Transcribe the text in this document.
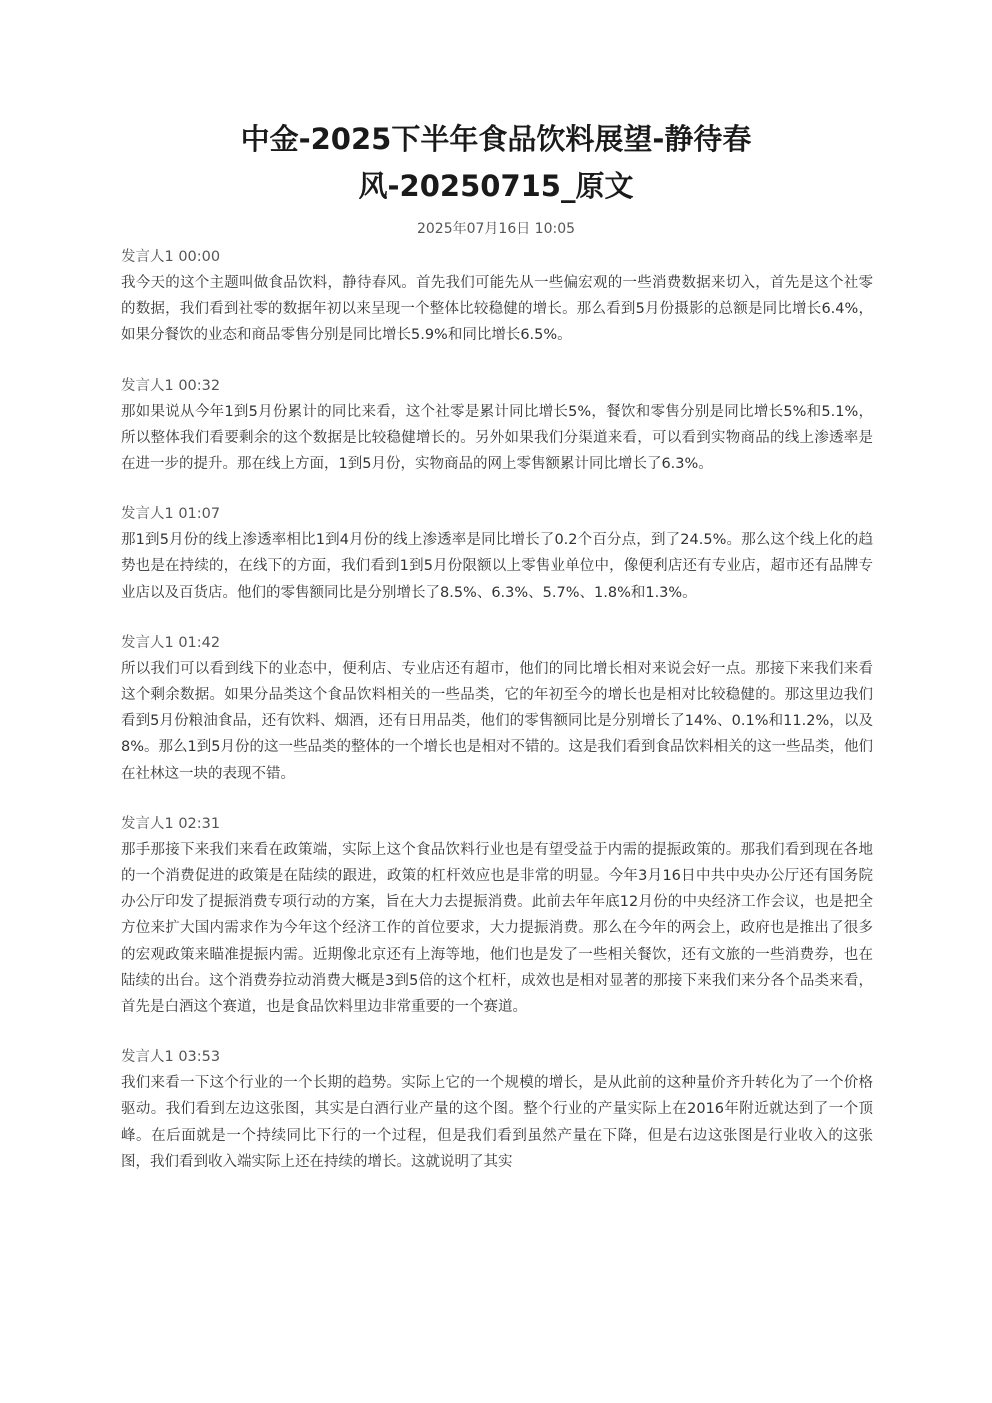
中金-2025下半年食品饮料展望-静待春风-20250715_原文
2025年07月16日 10:05
发言人1 00:00

我今天的这个主题叫做食品饮料，静待春风。首先我们可能先从一些偏宏观的一些消费数据来切入，首先是这个社零的数据，我们看到社零的数据年初以来呈现一个整体比较稳健的增长。那么看到5月份摄影的总额是同比增长6.4%，如果分餐饮的业态和商品零售分别是同比增长5.9%和同比增长6.5%。

发言人1 00:32

那如果说从今年1到5月份累计的同比来看，这个社零是累计同比增长5%，餐饮和零售分别是同比增长5%和5.1%，所以整体我们看要剩余的这个数据是比较稳健增长的。另外如果我们分渠道来看，可以看到实物商品的线上渗透率是在进一步的提升。那在线上方面，1到5月份，实物商品的网上零售额累计同比增长了6.3%。

发言人1 01:07

那1到5月份的线上渗透率相比1到4月份的线上渗透率是同比增长了0.2个百分点，到了24.5%。那么这个线上化的趋势也是在持续的，在线下的方面，我们看到1到5月份限额以上零售业单位中，像便利店还有专业店，超市还有品牌专业店以及百货店。他们的零售额同比是分别增长了8.5%、6.3%、5.7%、1.8%和1.3%。

发言人1 01:42

所以我们可以看到线下的业态中，便利店、专业店还有超市，他们的同比增长相对来说会好一点。那接下来我们来看这个剩余数据。如果分品类这个食品饮料相关的一些品类，它的年初至今的增长也是相对比较稳健的。那这里边我们看到5月份粮油食品，还有饮料、烟酒，还有日用品类，他们的零售额同比是分别增长了14%、0.1%和11.2%，以及8%。那么1到5月份的这一些品类的整体的一个增长也是相对不错的。这是我们看到食品饮料相关的这一些品类，他们在社林这一块的表现不错。

发言人1 02:31

那手那接下来我们来看在政策端，实际上这个食品饮料行业也是有望受益于内需的提振政策的。那我们看到现在各地的一个消费促进的政策是在陆续的跟进，政策的杠杆效应也是非常的明显。今年3月16日中共中央办公厅还有国务院办公厅印发了提振消费专项行动的方案，旨在大力去提振消费。此前去年年底12月份的中央经济工作会议，也是把全方位来扩大国内需求作为今年这个经济工作的首位要求，大力提振消费。那么在今年的两会上，政府也是推出了很多的宏观政策来瞄准提振内需。近期像北京还有上海等地，他们也是发了一些相关餐饮，还有文旅的一些消费券，也在陆续的出台。这个消费券拉动消费大概是3到5倍的这个杠杆，成效也是相对显著的那接下来我们来分各个品类来看，首先是白酒这个赛道，也是食品饮料里边非常重要的一个赛道。

发言人1 03:53

我们来看一下这个行业的一个长期的趋势。实际上它的一个规模的增长，是从此前的这种量价齐升转化为了一个价格驱动。我们看到左边这张图，其实是白酒行业产量的这个图。整个行业的产量实际上在2016年附近就达到了一个顶峰。在后面就是一个持续同比下行的一个过程，但是我们看到虽然产量在下降，但是右边这张图是行业收入的这张图，我们看到收入端实际上还在持续的增长。这就说明了其实
